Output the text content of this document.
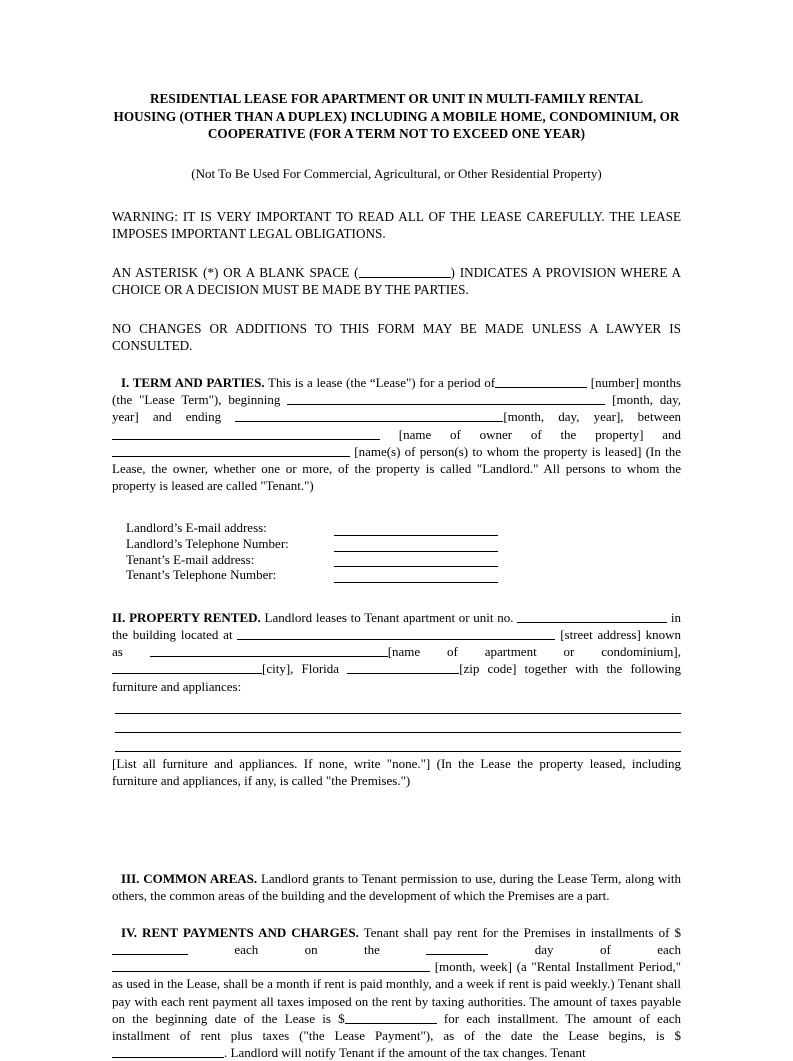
RESIDENTIAL LEASE FOR APARTMENT OR UNIT IN MULTI-FAMILY RENTAL
HOUSING (OTHER THAN A DUPLEX) INCLUDING A MOBILE HOME, CONDOMINIUM, OR
COOPERATIVE (FOR A TERM NOT TO EXCEED ONE YEAR)
(Not To Be Used For Commercial, Agricultural, or Other Residential Property)
WARNING: IT IS VERY IMPORTANT TO READ ALL OF THE LEASE CAREFULLY. THE LEASE IMPOSES IMPORTANT LEGAL OBLIGATIONS.
AN ASTERISK (*) OR A BLANK SPACE (	) INDICATES A PROVISION WHERE A CHOICE OR A DECISION MUST BE MADE BY THE PARTIES.
NO CHANGES OR ADDITIONS TO THIS FORM MAY BE MADE UNLESS A LAWYER IS CONSULTED.
I. TERM AND PARTIES. This is a lease (the “Lease") for a period of	[number] months (the "Lease Term"), beginning	[month, day, year] and ending	[month, day, year], between  [name of owner of the property] and  [name(s) of person(s) to whom the property is leased] (In the Lease, the owner, whether one or more, of the property is called "Landlord." All persons to whom the property is leased are called "Tenant.")
Landlord’s E-mail address:
Landlord’s Telephone Number:
Tenant’s E-mail address:
Tenant’s Telephone Number:
II. PROPERTY RENTED. Landlord leases to Tenant apartment or unit no.	in the building located at	[street address] known as	[name of apartment or condominium], [city], Florida	[zip code] together with the following furniture and appliances:
[List all furniture and appliances. If none, write "none."] (In the Lease the property leased, including furniture and appliances, if any, is called "the Premises.")
III. COMMON AREAS. Landlord grants to Tenant permission to use, during the Lease Term, along with others, the common areas of the building and the development of which the Premises are a part.
IV. RENT PAYMENTS AND CHARGES. Tenant shall pay rent for the Premises in installments of $ each on the	day of each  [month, week] (a "Rental Installment Period," as used in the Lease, shall be a month if rent is paid monthly, and a week if rent is paid weekly.) Tenant shall pay with each rent payment all taxes imposed on the rent by taxing authorities. The amount of taxes payable on the beginning date of the Lease is $	for each installment. The amount of each installment of rent plus taxes ("the Lease Payment"), as of the date the Lease begins, is $. Landlord will notify Tenant if the amount of the tax changes. Tenant
